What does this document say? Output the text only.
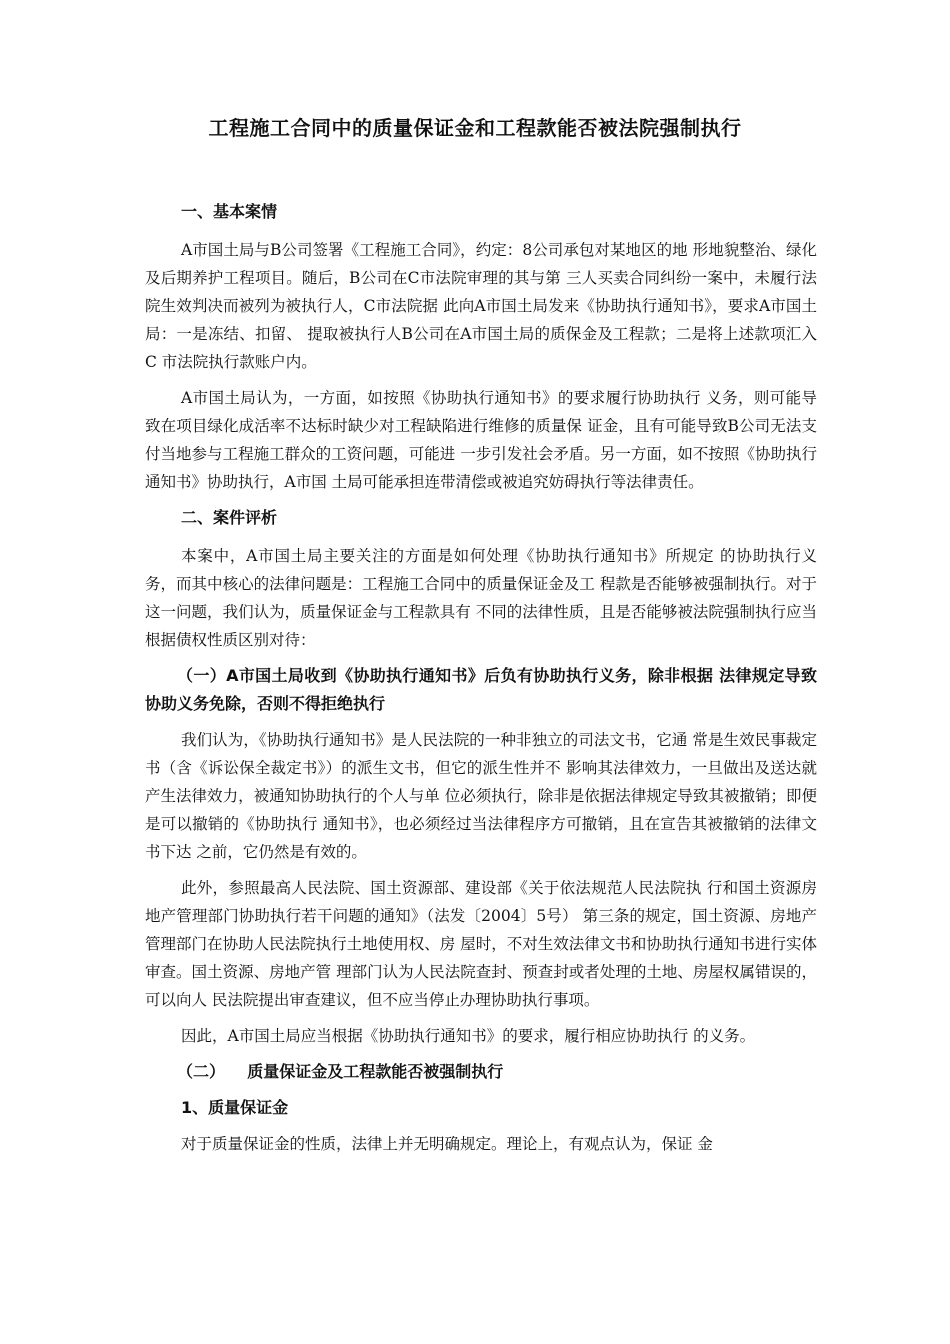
工程施工合同中的质量保证金和工程款能否被法院强制执行
一、基本案情

A市国土局与B公司签署《工程施工合同》，约定：8公司承包对某地区的地 形地貌整治、绿化及后期养护工程项目。随后，B公司在C市法院审理的其与第 三人买卖合同纠纷一案中，未履行法院生效判决而被列为被执行人，C市法院据 此向A市国土局发来《协助执行通知书》，要求A市国土局：一是冻结、扣留、 提取被执行人B公司在A市国土局的质保金及工程款；二是将上述款项汇入C 市法院执行款账户内。

A市国土局认为，一方面，如按照《协助执行通知书》的要求履行协助执行 义务，则可能导致在项目绿化成活率不达标时缺少对工程缺陷进行维修的质量保 证金，且有可能导致B公司无法支付当地参与工程施工群众的工资问题，可能进 一步引发社会矛盾。另一方面，如不按照《协助执行通知书》协助执行，A市国 土局可能承担连带清偿或被追究妨碍执行等法律责任。

二、案件评析

本案中，A市国土局主要关注的方面是如何处理《协助执行通知书》所规定 的协助执行义务，而其中核心的法律问题是：工程施工合同中的质量保证金及工 程款是否能够被强制执行。对于这一问题，我们认为，质量保证金与工程款具有 不同的法律性质，且是否能够被法院强制执行应当根据债权性质区别对待：

（一）A市国土局收到《协助执行通知书》后负有协助执行义务，除非根据 法律规定导致协助义务免除，否则不得拒绝执行

我们认为，《协助执行通知书》是人民法院的一种非独立的司法文书，它通 常是生效民事裁定书（含《诉讼保全裁定书》）的派生文书，但它的派生性并不 影响其法律效力，一旦做出及送达就产生法律效力，被通知协助执行的个人与单 位必须执行，除非是依据法律规定导致其被撤销；即便是可以撤销的《协助执行 通知书》，也必须经过当法律程序方可撤销，且在宣告其被撤销的法律文书下达 之前，它仍然是有效的。

此外，参照最高人民法院、国土资源部、建设部《关于依法规范人民法院执 行和国土资源房地产管理部门协助执行若干问题的通知》（法发〔2004〕5号） 第三条的规定，国土资源、房地产管理部门在协助人民法院执行土地使用权、房 屋时，不对生效法律文书和协助执行通知书进行实体审查。国土资源、房地产管 理部门认为人民法院查封、预查封或者处理的土地、房屋权属错误的，可以向人 民法院提出审查建议，但不应当停止办理协助执行事项。

因此，A市国土局应当根据《协助执行通知书》的要求，履行相应协助执行 的义务。

（二）    质量保证金及工程款能否被强制执行
1、质量保证金

对于质量保证金的性质，法律上并无明确规定。理论上，有观点认为，保证 金
